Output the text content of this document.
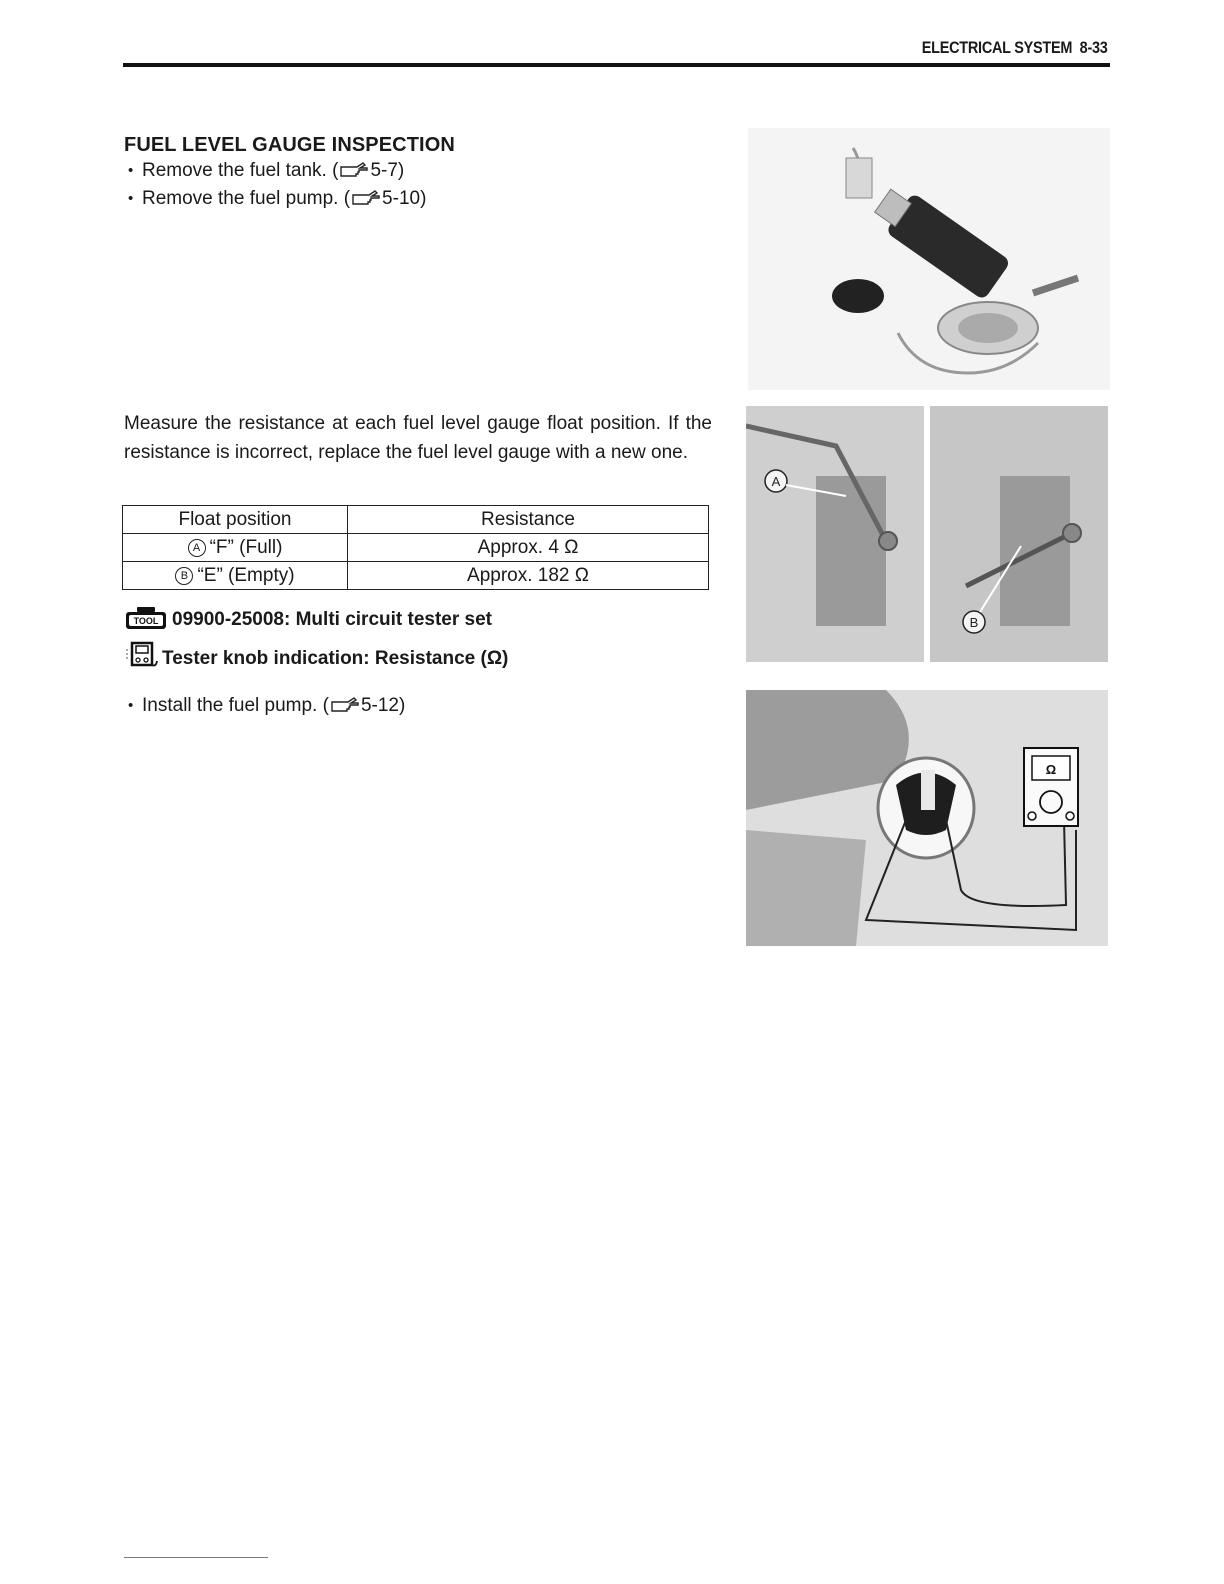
ELECTRICAL SYSTEM 8-33
FUEL LEVEL GAUGE INSPECTION
• Remove the fuel tank. ( 5-7)
• Remove the fuel pump. ( 5-10)
Measure the resistance at each fuel level gauge float position. If the resistance is incorrect, replace the fuel level gauge with a new one.
Float position	Resistance
A “F” (Full)	Approx. 4 Ω
B “E” (Empty)	Approx. 182 Ω
TOOL 09900-25008: Multi circuit tester set
Tester knob indication: Resistance (Ω)
• Install the fuel pump. ( 5-12)
A
B
Ω
